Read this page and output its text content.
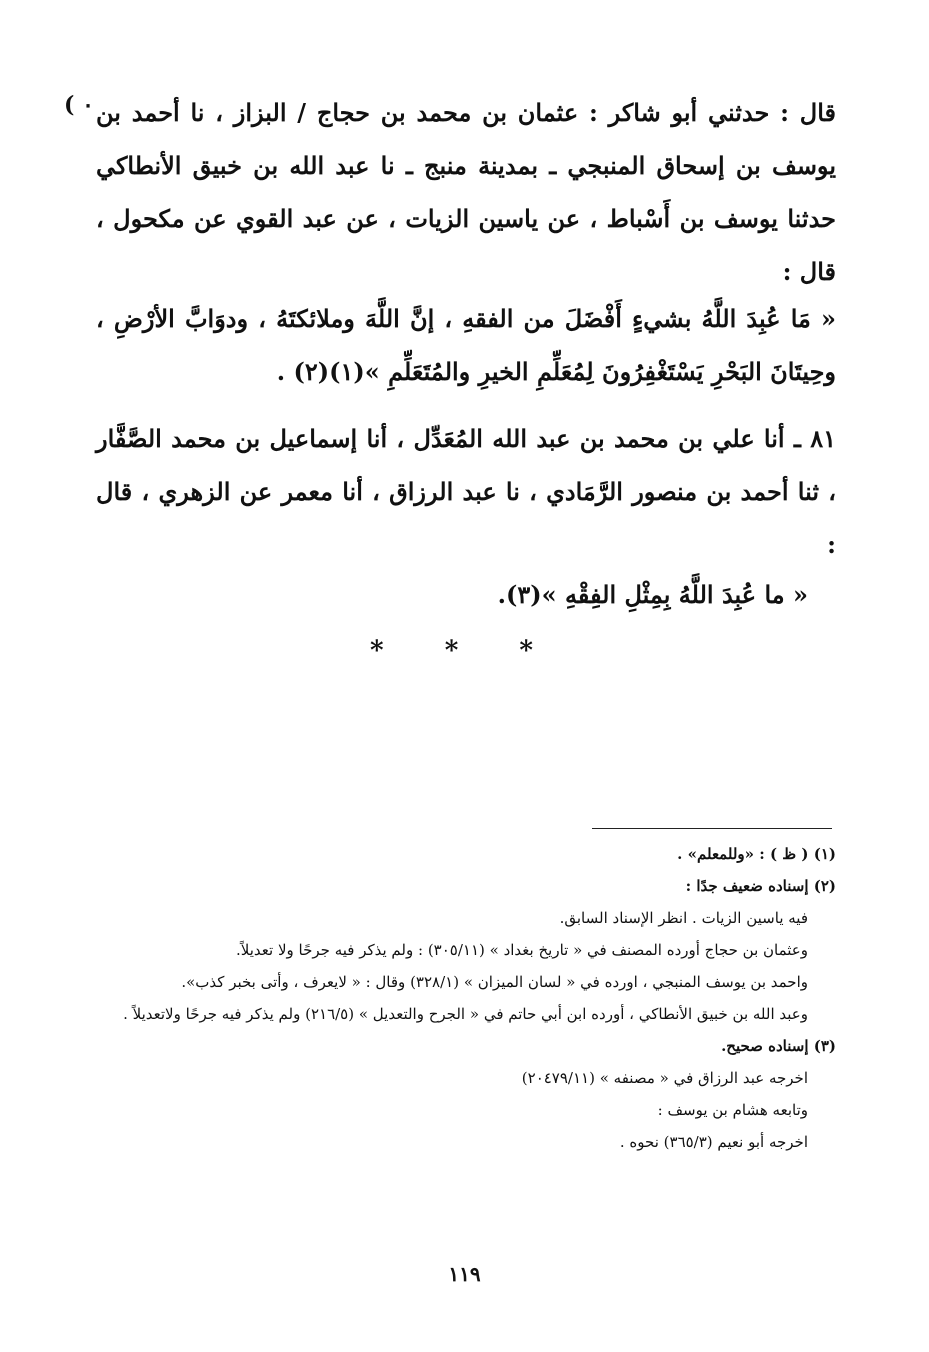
( ٠ قال : حدثني أبو شاكر : عثمان بن محمد بن حجاج / البزاز ، نا أحمد بن يوسف بن إسحاق المنبجي ـ بمدينة منبج ـ نا عبد الله بن خبيق الأنطاكي حدثنا يوسف بن أَسْباط ، عن ياسين الزيات ، عن عبد القوي عن مكحول ، قال :

« مَا عُبِدَ اللَّهُ بشيءٍ أَفْضَلَ من الفقهِ ، إنَّ اللَّهَ وملائكتَهُ ، ودوَابَّ الأرْضِ ، وحِيتَانَ البَحْرِ يَسْتَغْفِرُونَ لِمُعَلِّمِ الخيرِ والمُتَعَلِّمِ »(١)(٢) .

٨١ ـ أنا علي بن محمد بن عبد الله المُعَدِّل ، أنا إسماعيل بن محمد الصَّفَّار ، ثنا أحمد بن منصور الرَّمَادي ، نا عبد الرزاق ، أنا معمر عن الزهري ، قال :

« ما عُبِدَ اللَّهُ بِمِثْلِ الفِقْهِ »(٣).

* * *
(١) ( ظ ) : «وللمعلم» .
(٢) إسناده ضعيف جدًا :
فيه ياسين الزيات . انظر الإسناد السابق.
وعثمان بن حجاج أورده المصنف في « تاريخ بغداد » (٣٠٥/١١) : ولم يذكر فيه جرحًا ولا تعديلاً.
واحمد بن يوسف المنبجي ، اورده في « لسان الميزان » (٣٢٨/١) وقال : « لايعرف ، وأتى بخبر كذب».
وعبد الله بن خبيق الأنطاكي ، أورده ابن أبي حاتم في « الجرح والتعديل » (٢١٦/٥) ولم يذكر فيه جرحًا ولاتعديلاً .
(٣) إسناده صحيح.
اخرجه عبد الرزاق في « مصنفه » (٢٠٤٧٩/١١)
وتابعه هشام بن يوسف :
اخرجه أبو نعيم (٣٦٥/٣) نحوه .
١١٩
